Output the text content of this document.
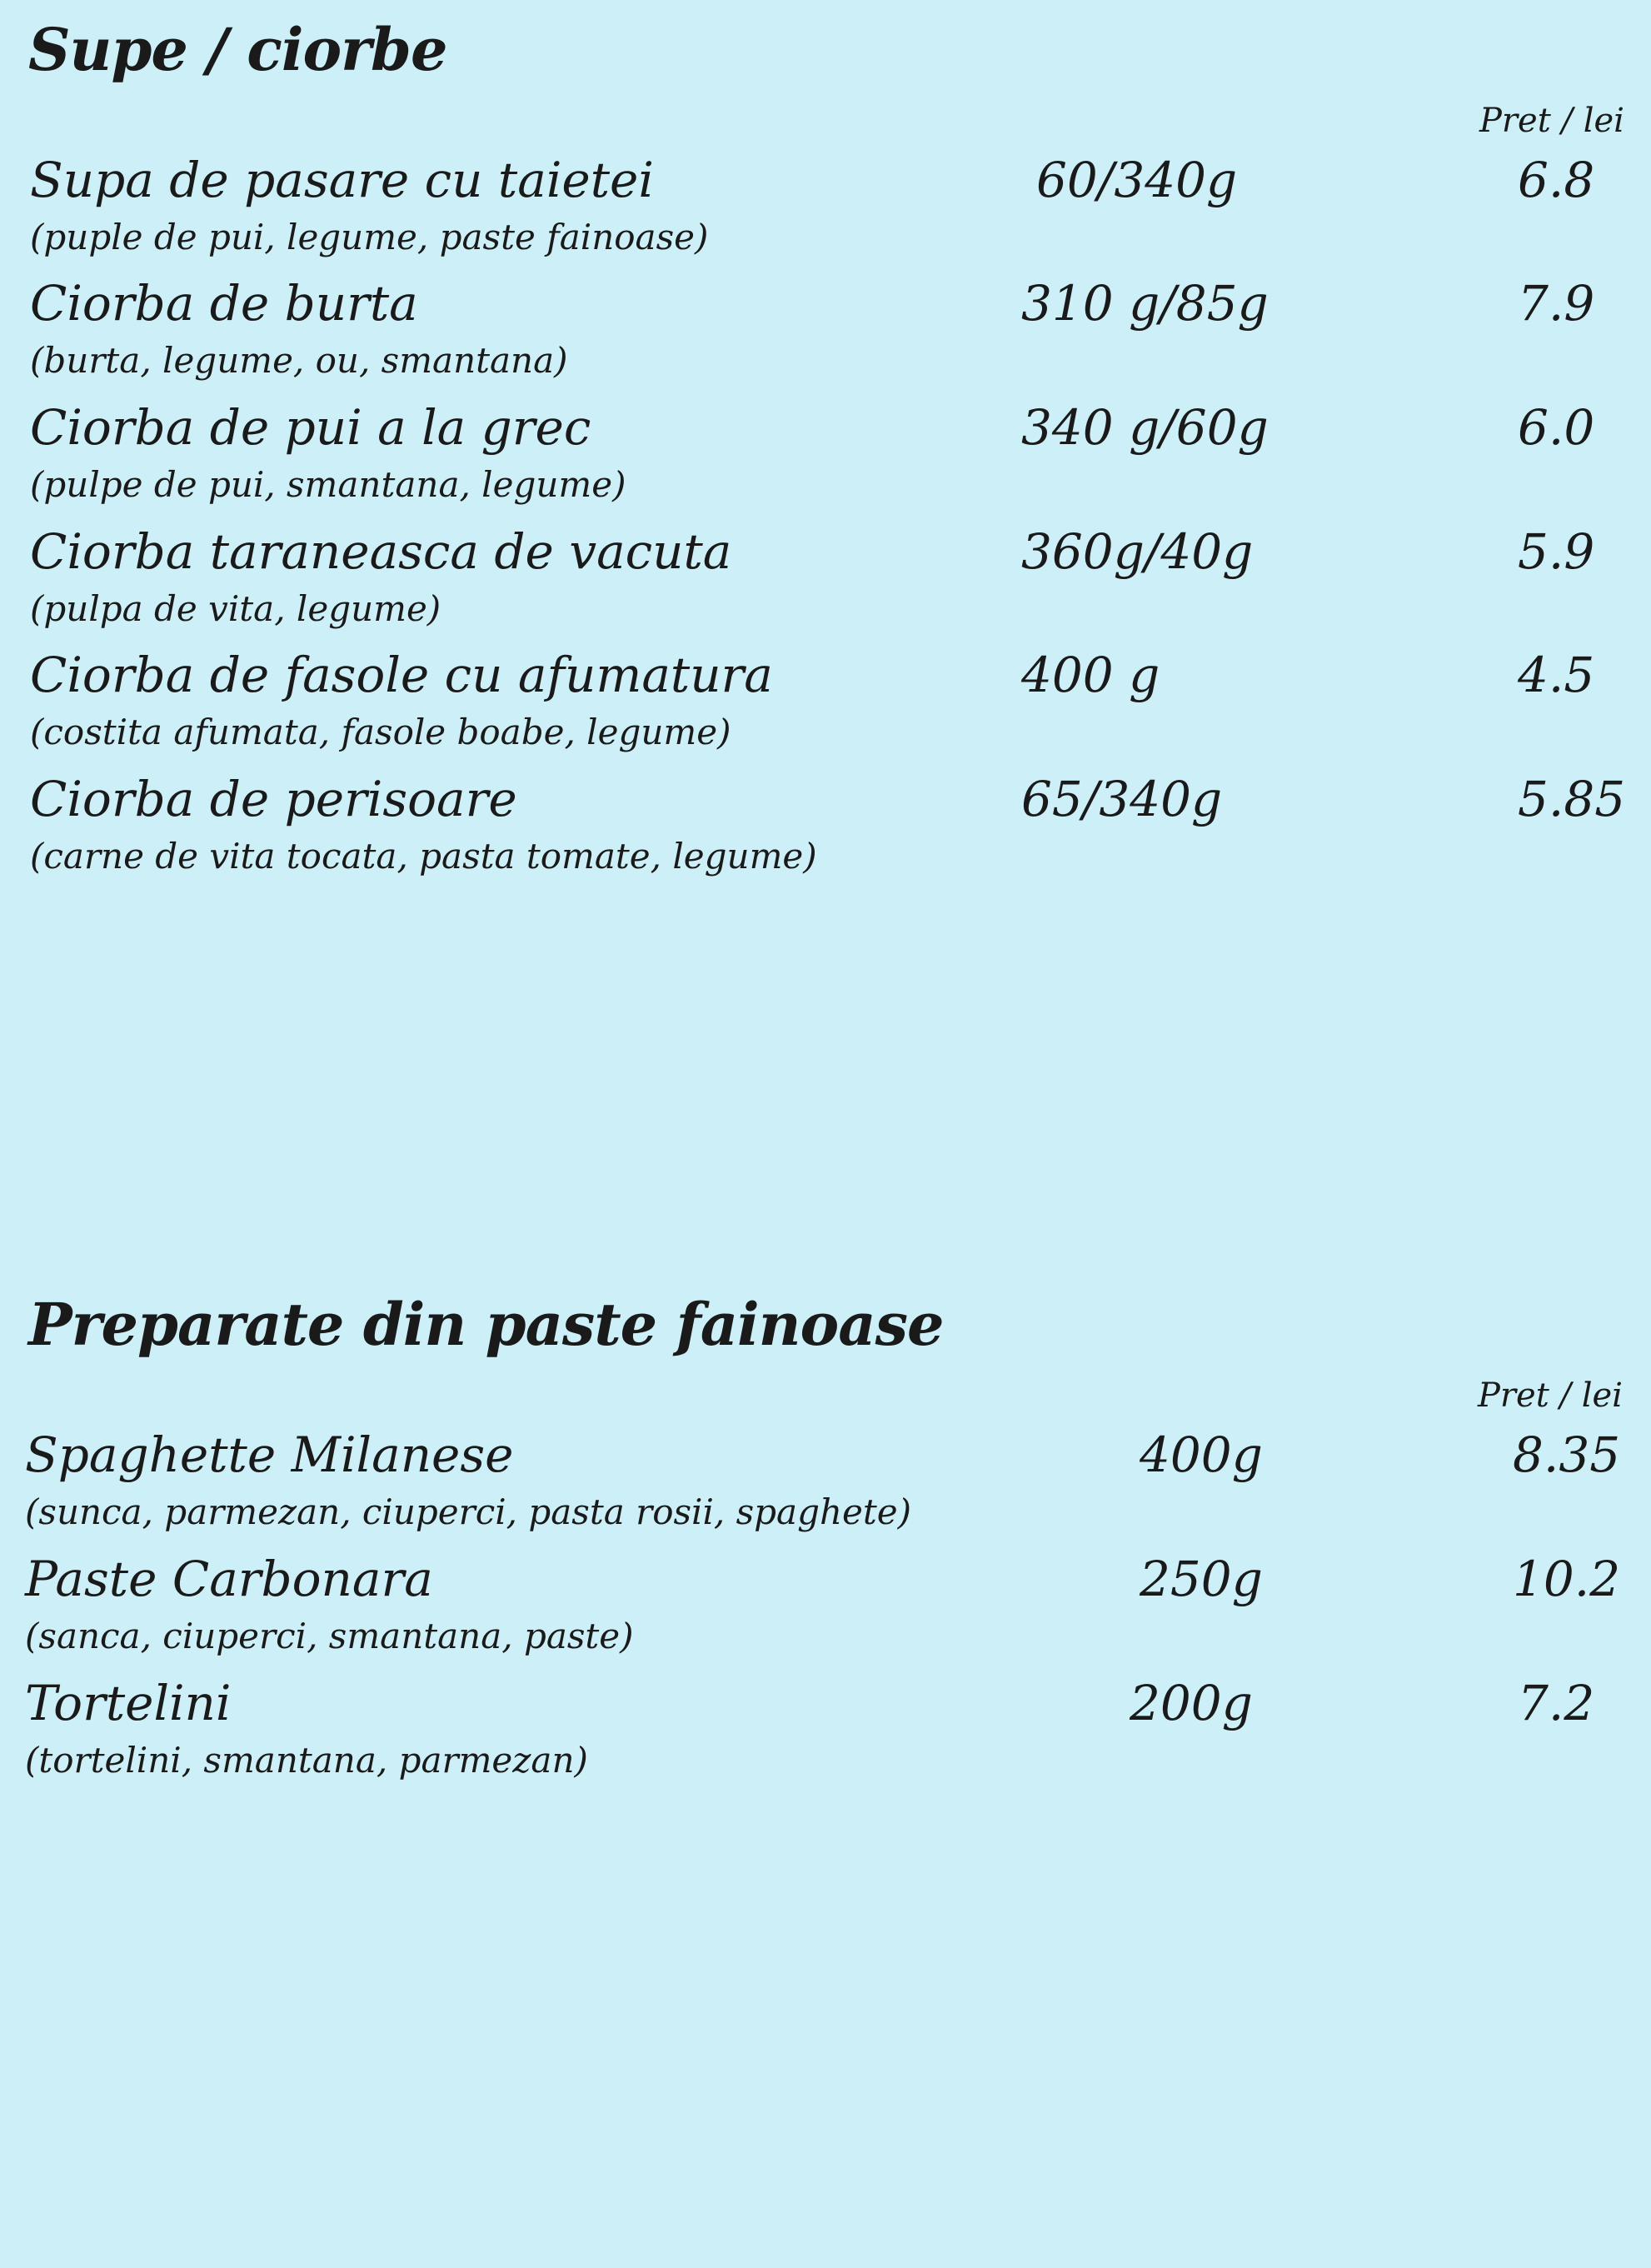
Supe / ciorbe
Pret / lei
Supa de pasare cu taietei
(puple de pui, legume, paste fainoase)
60/340g	6.8
Ciorba de burta
(burta, legume, ou, smantana)
310 g/85g	7.9
Ciorba de pui a la grec
(pulpe de pui, smantana, legume)
340 g/60g	6.0
Ciorba taraneasca de vacuta
(pulpa de vita, legume)
360g/40g	5.9
Ciorba de fasole cu afumatura
(costita afumata, fasole boabe, legume)
400 g	4.5
Ciorba de perisoare
(carne de vita tocata, pasta tomate, legume)
65/340g	5.85
Preparate din paste fainoase
Pret / lei
Spaghette Milanese
(sunca, parmezan, ciuperci, pasta rosii, spaghete)
400g	8.35
Paste Carbonara
(sanca, ciuperci, smantana, paste)
250g	10.2
Tortelini
(tortelini, smantana, parmezan)
200g	7.2
